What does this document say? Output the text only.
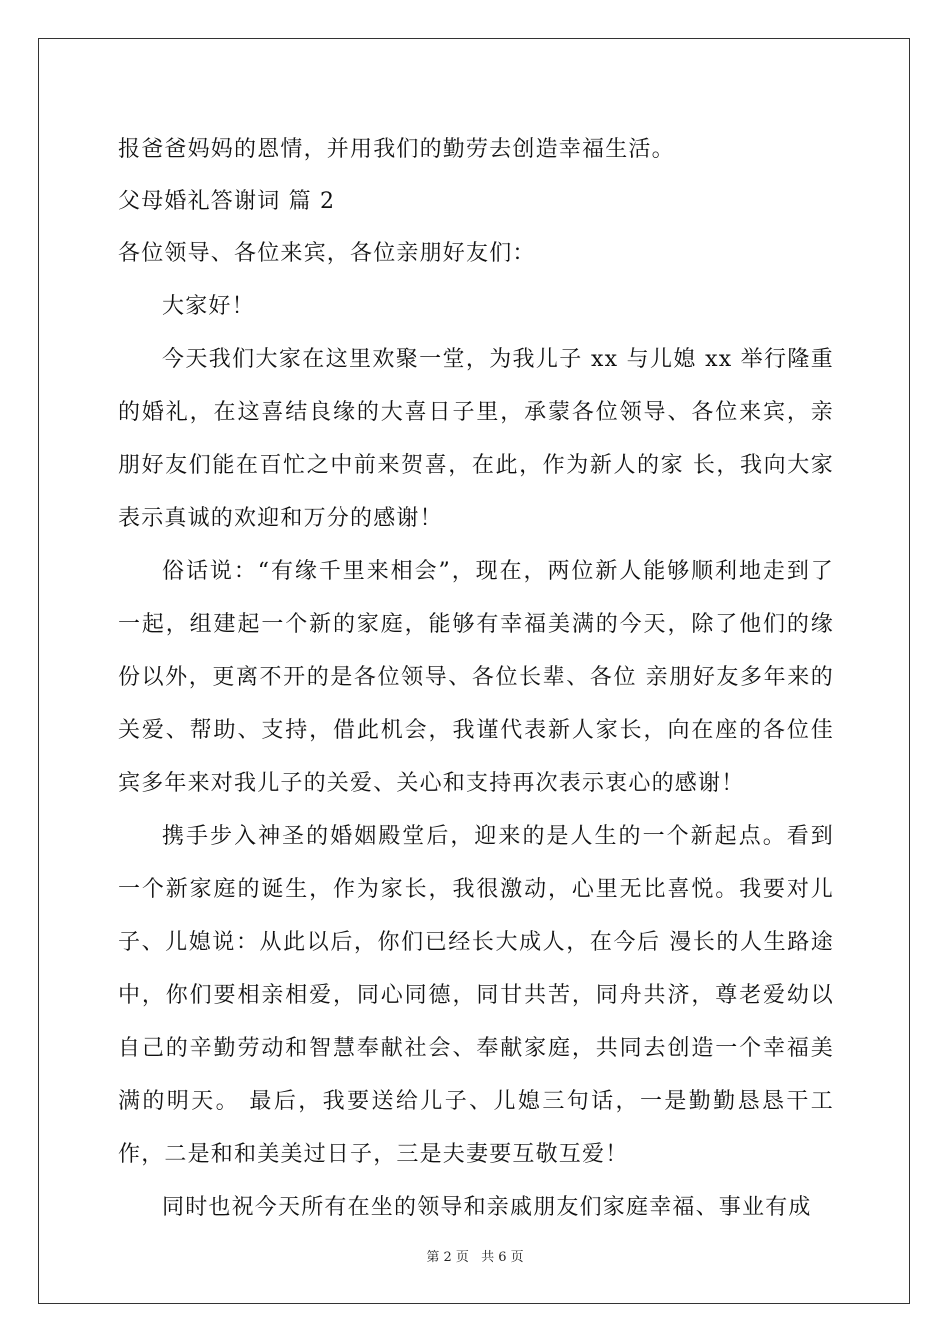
报爸爸妈妈的恩情，并用我们的勤劳去创造幸福生活。
父母婚礼答谢词 篇 2
各位领导、各位来宾，各位亲朋好友们：

大家好！

今天我们大家在这里欢聚一堂，为我儿子 xx 与儿媳 xx 举行隆重的婚礼，在这喜结良缘的大喜日子里，承蒙各位领导、各位来宾，亲朋好友们能在百忙之中前来贺喜，在此，作为新人的家 长，我向大家表示真诚的欢迎和万分的感谢！

俗话说：“有缘千里来相会”，现在，两位新人能够顺利地走到了一起，组建起一个新的家庭，能够有幸福美满的今天，除了他们的缘份以外，更离不开的是各位领导、各位长辈、各位 亲朋好友多年来的关爱、帮助、支持，借此机会，我谨代表新人家长，向在座的各位佳宾多年来对我儿子的关爱、关心和支持再次表示衷心的感谢！

携手步入神圣的婚姻殿堂后，迎来的是人生的一个新起点。看到一个新家庭的诞生，作为家长，我很激动，心里无比喜悦。我要对儿子、儿媳说：从此以后，你们已经长大成人，在今后 漫长的人生路途中，你们要相亲相爱，同心同德，同甘共苦，同舟共济，尊老爱幼以自己的辛勤劳动和智慧奉献社会、奉献家庭，共同去创造一个幸福美满的明天。 最后，我要送给儿子、儿媳三句话，一是勤勤恳恳干工作，二是和和美美过日子，三是夫妻要互敬互爱！

同时也祝今天所有在坐的领导和亲戚朋友们家庭幸福、事业有成

第 2 页 共 6 页
